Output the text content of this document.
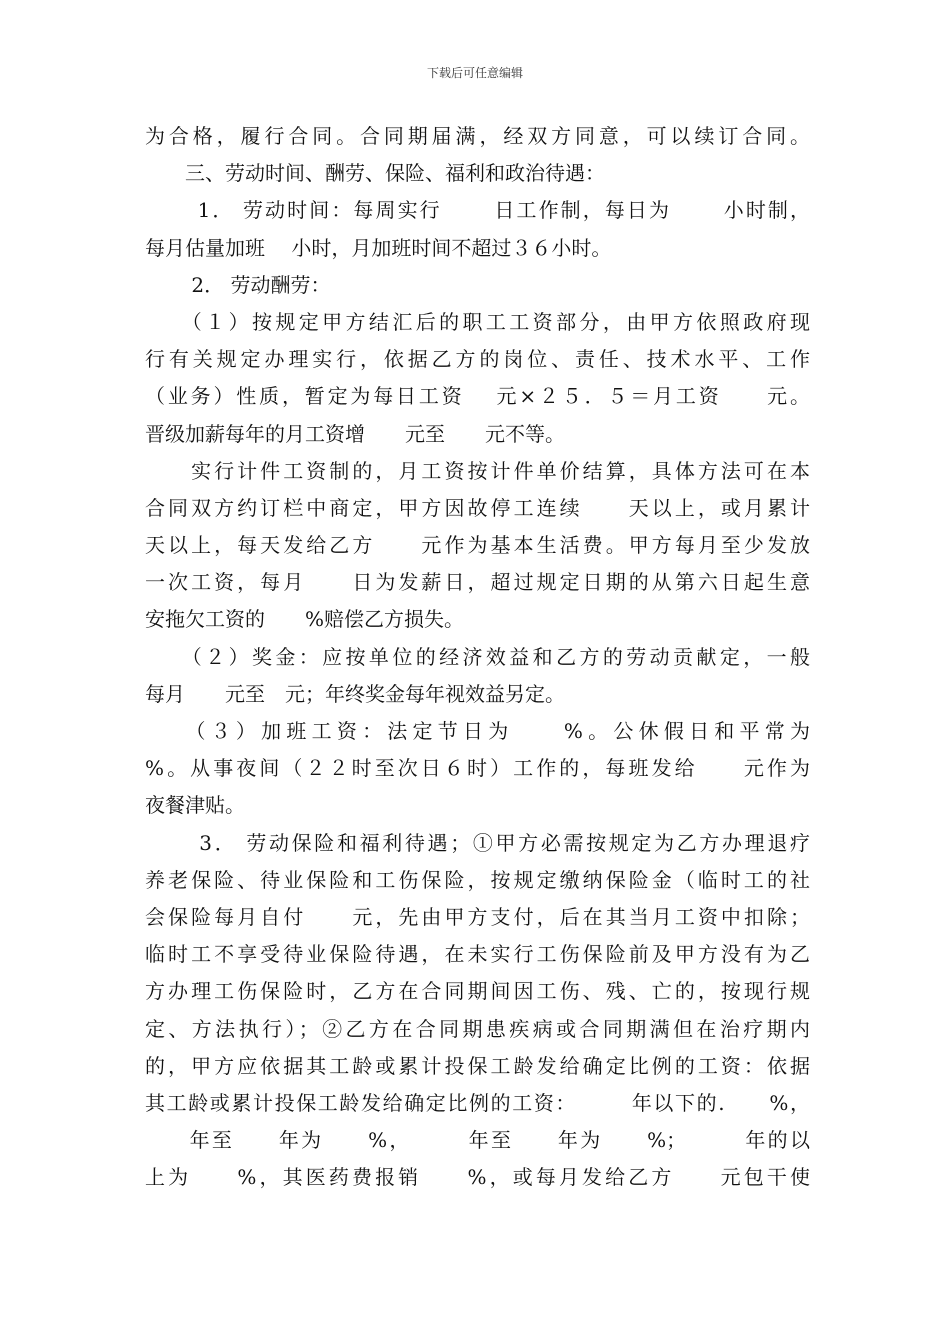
下载后可任意编辑
为合格，履行合同。合同期届满，经双方同意，可以续订合同。
　　三、劳动时间、酬劳、保险、福利和政治待遇：
　　 1． 劳动时间：每周实行　　 日工作制，每日为　　 小时制，
每月估量加班　 小时，月加班时间不超过３６小时。
　　 2． 劳动酬劳：
　　（１）按规定甲方结汇后的职工工资部分，由甲方依照政府现
行有关规定办理实行，依据乙方的岗位、责任、技术水平、工作
（业务）性质，暂定为每日工资　 元×２５．５＝月工资　　元。
晋级加薪每年的月工资增　　元至　　元不等。
　　实行计件工资制的，月工资按计件单价结算，具体方法可在本
合同双方约订栏中商定，甲方因故停工连续　　天以上，或月累计
天以上，每天发给乙方　　元作为基本生活费。甲方每月至少发放
一次工资，每月　　日为发薪日，超过规定日期的从第六日起生意
安拖欠工资的　　%赔偿乙方损失。
　　（２）奖金：应按单位的经济效益和乙方的劳动贡献定，一般
每月　　元至　元；年终奖金每年视效益另定。
　　（３）加班工资：法定节日为　　%。公休假日和平常为
%。从事夜间（２２时至次日６时）工作的，每班发给　　元作为
夜餐津贴。
　　 3． 劳动保险和福利待遇；①甲方必需按规定为乙方办理退疗
养老保险、待业保险和工伤保险，按规定缴纳保险金（临时工的社
会保险每月自付　　元，先由甲方支付，后在其当月工资中扣除；
临时工不享受待业保险待遇，在未实行工伤保险前及甲方没有为乙
方办理工伤保险时，乙方在合同期间因工伤、残、亡的，按现行规
定、方法执行）；②乙方在合同期患疾病或合同期满但在治疗期内
的，甲方应依据其工龄或累计投保工龄发给确定比例的工资：依据
其工龄或累计投保工龄发给确定比例的工资：　　　年以下的.　　%，
　　年至　　年为　　%，　　　年至　　年为　　%；　　　年的以
上为　　%，其医药费报销　　%，或每月发给乙方　　元包干使
